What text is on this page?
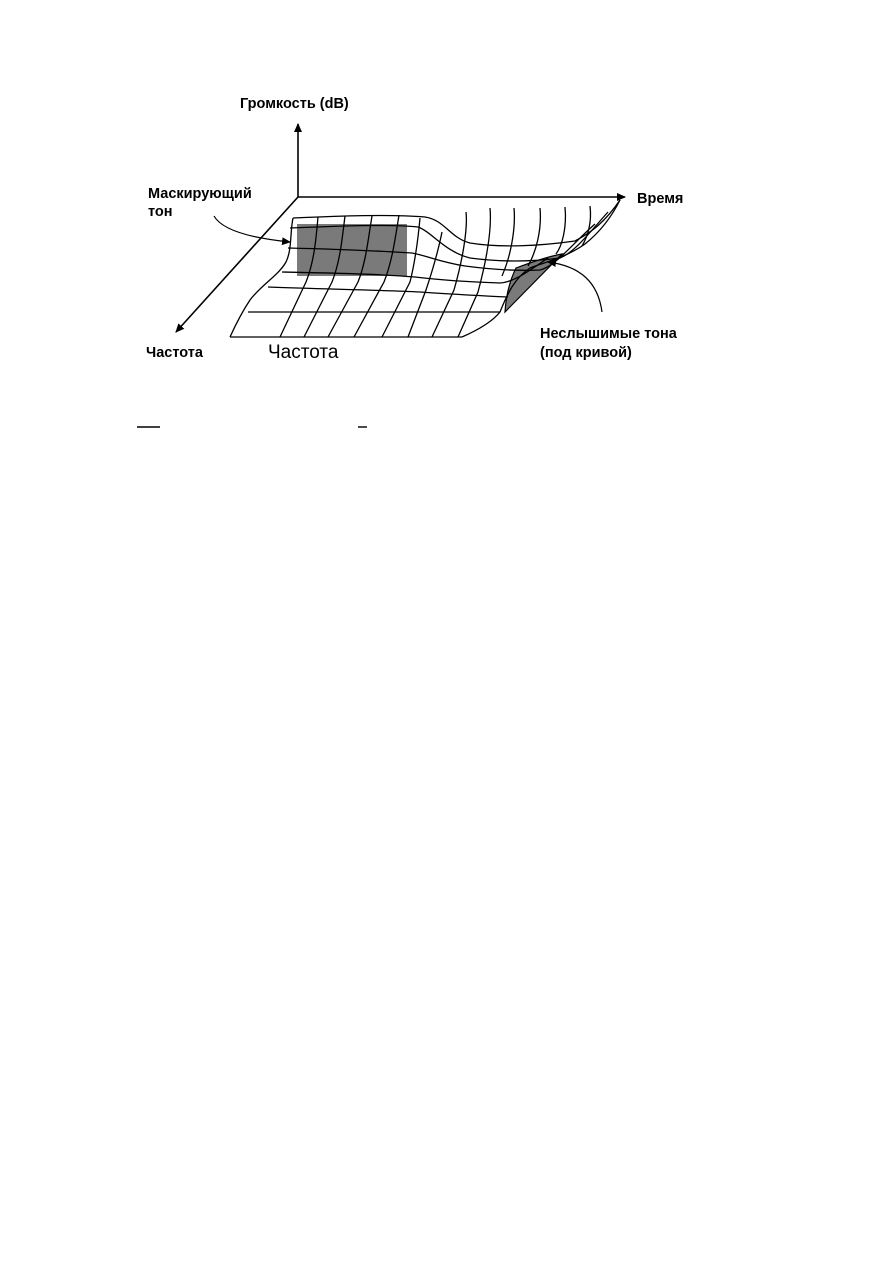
Громкость (dB)
Время
Маскирующий
тон
Неслышимые тона
(под кривой)
Частота	Частота
